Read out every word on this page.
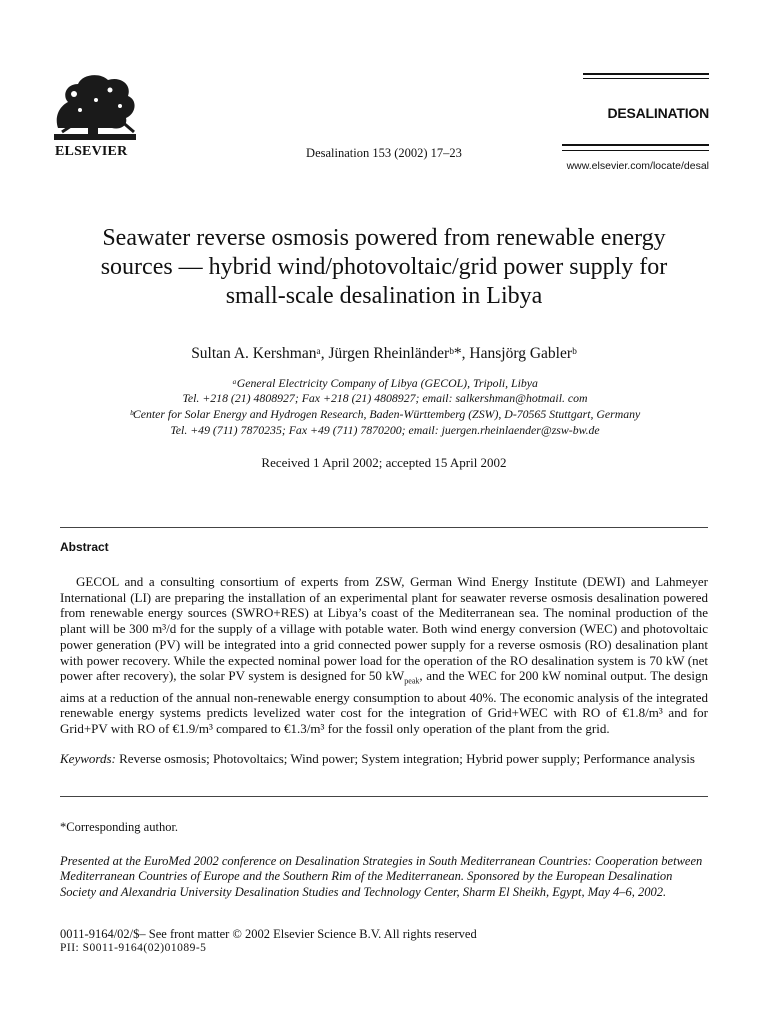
ELSEVIER	Desalination 153 (2002) 17–23
DESALINATION
www.elsevier.com/locate/desal
Seawater reverse osmosis powered from renewable energy
sources — hybrid wind/photovoltaic/grid power supply for
small-scale desalination in Libya
Sultan A. Kershmanᵃ, Jürgen Rheinländerᵇ*, Hansjörg Gablerᵇ
ᵃGeneral Electricity Company of Libya (GECOL), Tripoli, Libya
Tel. +218 (21) 4808927; Fax +218 (21) 4808927; email: salkershman@hotmail. com
ᵇCenter for Solar Energy and Hydrogen Research, Baden-Württemberg (ZSW), D-70565 Stuttgart, Germany
Tel. +49 (711) 7870235; Fax +49 (711) 7870200; email: juergen.rheinlaender@zsw-bw.de
Received 1 April 2002; accepted 15 April 2002
Abstract
GECOL and a consulting consortium of experts from ZSW, German Wind Energy Institute (DEWI) and Lahmeyer International (LI) are preparing the installation of an experimental plant for seawater reverse osmosis desalination powered from renewable energy sources (SWRO+RES) at Libya’s coast of the Mediterranean sea. The nominal production of the plant will be 300 m³/d for the supply of a village with potable water. Both wind energy conversion (WEC) and photovoltaic power generation (PV) will be integrated into a grid connected power supply for a reverse osmosis (RO) desalination plant with power recovery. While the expected nominal power load for the operation of the RO desalination system is 70 kW (net power after recovery), the solar PV system is designed for 50 $kW_{peak}$, and the WEC for 200 kW nominal output. The design aims at a reduction of the annual non-renewable energy consumption to about 40%. The economic analysis of the integrated renewable energy systems predicts levelized water cost for the integration of Grid+WEC with RO of €1.8/m³ and for Grid+PV with RO of €1.9/m³ compared to €1.3/m³ for the fossil only operation of the plant from the grid.
Keywords: Reverse osmosis; Photovoltaics; Wind power; System integration; Hybrid power supply; Performance analysis
*Corresponding author.
Presented at the EuroMed 2002 conference on Desalination Strategies in South Mediterranean Countries: Cooperation between Mediterranean Countries of Europe and the Southern Rim of the Mediterranean. Sponsored by the European Desalination Society and Alexandria University Desalination Studies and Technology Center, Sharm El Sheikh, Egypt, May 4–6, 2002.
0011-9164/02/$– See front matter © 2002 Elsevier Science B.V. All rights reserved
PII: S0011-9164(02)01089-5
